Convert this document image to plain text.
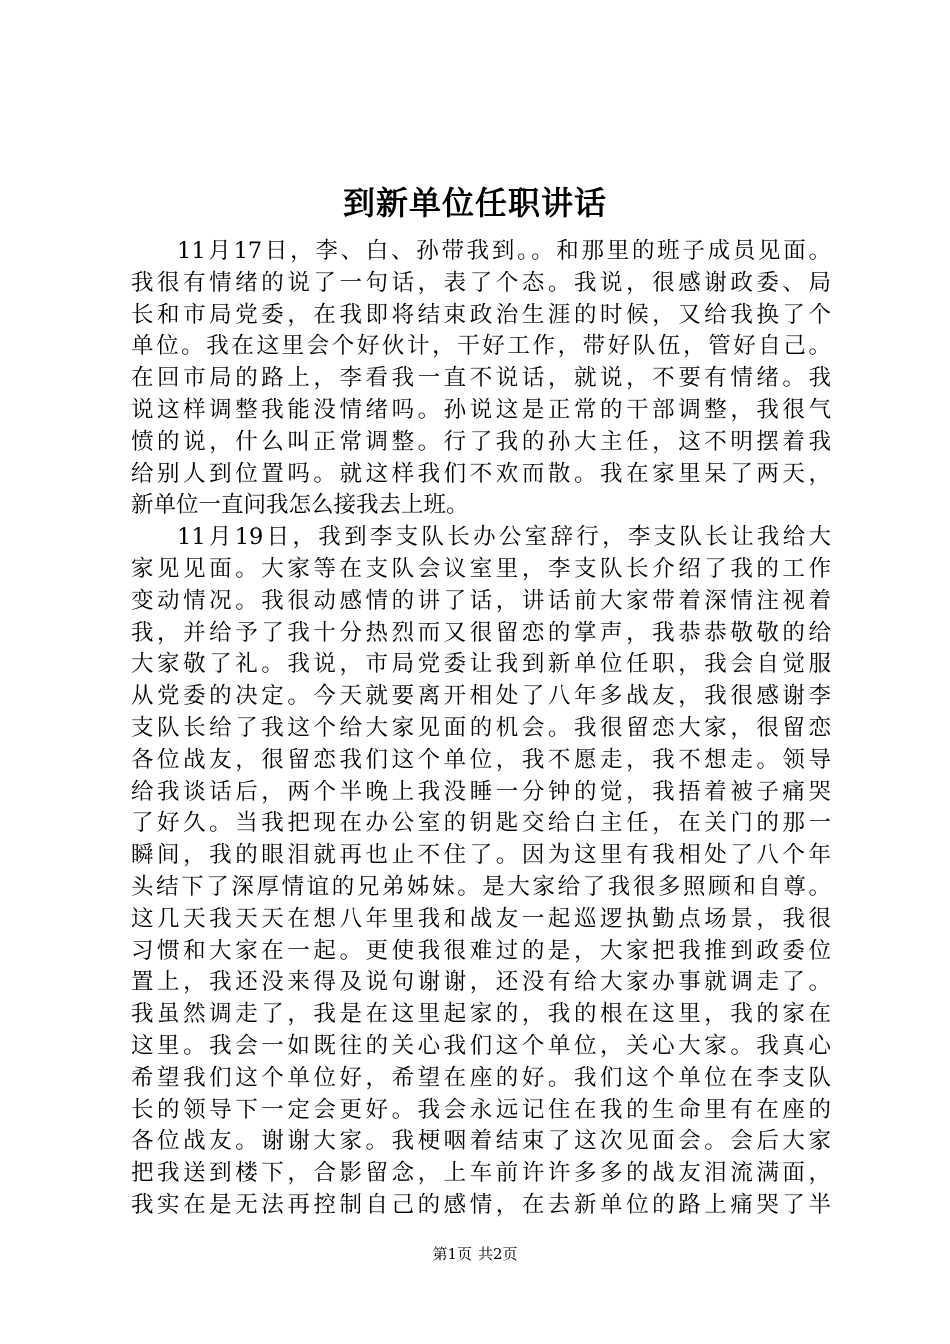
到新单位任职讲话
11月17日，李、白、孙带我到。。和那里的班子成员见面。
我很有情绪的说了一句话，表了个态。我说，很感谢政委、局
长和市局党委，在我即将结束政治生涯的时候，又给我换了个
单位。我在这里会个好伙计，干好工作，带好队伍，管好自己。
在回市局的路上，李看我一直不说话，就说，不要有情绪。我
说这样调整我能没情绪吗。孙说这是正常的干部调整，我很气
愤的说，什么叫正常调整。行了我的孙大主任，这不明摆着我
给别人到位置吗。就这样我们不欢而散。我在家里呆了两天，
新单位一直问我怎么接我去上班。
11月19日，我到李支队长办公室辞行，李支队长让我给大
家见见面。大家等在支队会议室里，李支队长介绍了我的工作
变动情况。我很动感情的讲了话，讲话前大家带着深情注视着
我，并给予了我十分热烈而又很留恋的掌声，我恭恭敬敬的给
大家敬了礼。我说，市局党委让我到新单位任职，我会自觉服
从党委的决定。今天就要离开相处了八年多战友，我很感谢李
支队长给了我这个给大家见面的机会。我很留恋大家，很留恋
各位战友，很留恋我们这个单位，我不愿走，我不想走。领导
给我谈话后，两个半晚上我没睡一分钟的觉，我捂着被子痛哭
了好久。当我把现在办公室的钥匙交给白主任，在关门的那一
瞬间，我的眼泪就再也止不住了。因为这里有我相处了八个年
头结下了深厚情谊的兄弟姊妹。是大家给了我很多照顾和自尊。
这几天我天天在想八年里我和战友一起巡逻执勤点场景，我很
习惯和大家在一起。更使我很难过的是，大家把我推到政委位
置上，我还没来得及说句谢谢，还没有给大家办事就调走了。
我虽然调走了，我是在这里起家的，我的根在这里，我的家在
这里。我会一如既往的关心我们这个单位，关心大家。我真心
希望我们这个单位好，希望在座的好。我们这个单位在李支队
长的领导下一定会更好。我会永远记住在我的生命里有在座的
各位战友。谢谢大家。我梗咽着结束了这次见面会。会后大家
把我送到楼下，合影留念，上车前许许多多的战友泪流满面，
我实在是无法再控制自己的感情，在去新单位的路上痛哭了半
第1页 共2页
